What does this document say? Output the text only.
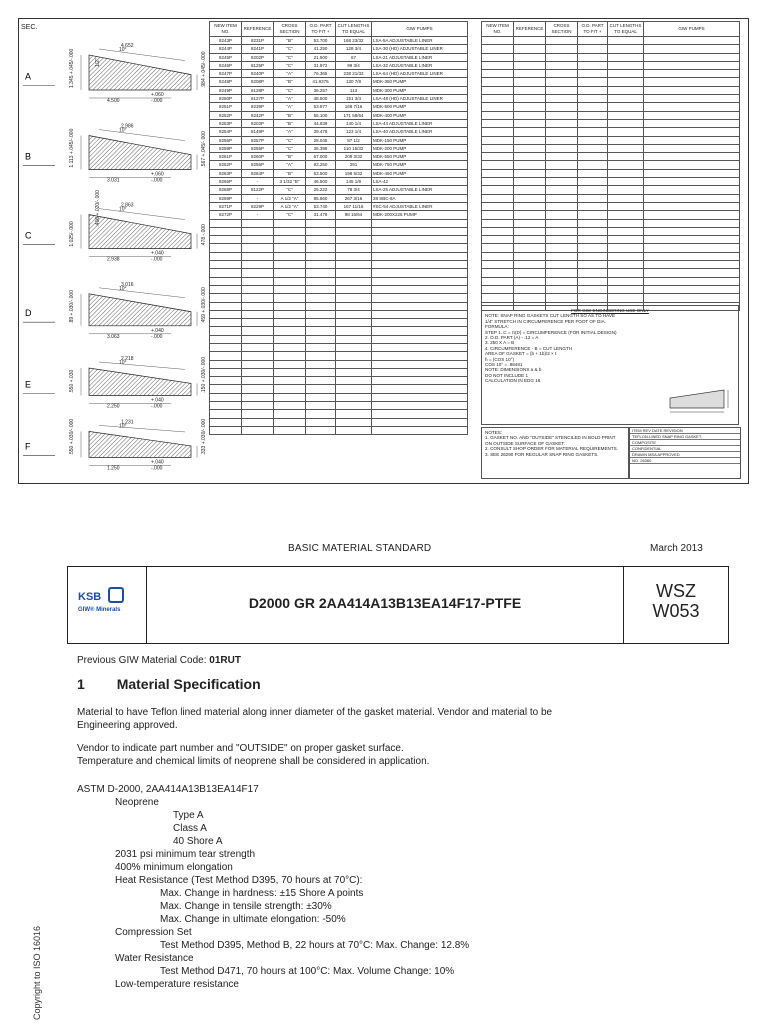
SEC.
A
4.652
4.500
+.060
-.000
10°
1.345 +.045/-.000	.984 +.045/-.000
1/2"
B
2.986
3.031
+.060
-.000
10°
1.113 +.045/-.000	.567 +.045/-.000
C
2.863
2.938
+.040
-.000
10°
1.025/-.000	.478 -.000
.406 +.020/-.000
D
3.016
3.063
+.040
-.000
10°
.89 +.030/-.000	.459 +.030/-.000
E
2.218
2.250
+.040
-.000
10°
.550 +.030	.150 +.030/-.000
F
1.231
1.250
+.040
-.000
10°
.550 +.030/-.000	.333 +.030/-.000
NEW ITEM NO.	REFERENCE	CROSS SECTION	O.D. PART TO FIT +	CUT LENGTHS TO EQUAL	GIW PUMPS
8243P	8231P	"B"	53.700	168 23/32	LSA-5A ADJUSTABLE LINER
8244P	8241P	"C"	41.250	128 3/4	LSA-30 (HD) ADJUSTABLE LINER
8245P	8202P	"C"	21.500	67	LSA-21 ADJUSTABLE LINER
8246P	8125P	"C"	31.972	99 3/4	LSA-32 ADJUSTABLE LINER
8247P	8240P	"A"	76.365	238 21/32	LSA-64 (HD) ADJUSTABLE LINER
8248P	8208P	"B"	41.9375	130 7/8	MDK-350 PUMP
8249P	8128P	"C"	36.257	113	MDK-300 PUMP
8250P	8127P	"A"	48.500	151 3/4	LSA-48 (HD) ADJUSTABLE LINER
8251P	8239P	"A"	53.977	168 7/16	MDK-500 PUMP
8252P	8242P	"B"	55.100	171 59/64	MDK-400 PUMP
8253P	8203P	"B"	44.939	140 1/4	LSA-44 ADJUSTABLE LINER
8254P	8149P	"A"	39.478	123 1/4	LSA-40 ADJUSTABLE LINER
8256P	8257P	"C"	28.045	87 1/2	MDK-150 PUMP
8259P	8255P	"C"	35.398	110 15/32	MDK-200 PUMP
8261P	8260P	"B"	67.000	209 3/32	MDK-550 PUMP
8262P	8256P	"A"	93.250	291	MDK-750 PUMP
8263P	8264P	"B"	63.500	198 5/32	MDK-450 PUMP
8266P	-	3 1/32 "B"	46.500	145 1/8	LSA-42
8268P	8122P	"C"	25.222	78 3/4	LSA-25 ADJUSTABLE LINER
8269P	-	A 1/2 "A"	85.660	267 3/16	28 SBC-8A
8271P	8229P	A 1/2 "A"	53.740	167 11/16	#SC-54 ADJUSTABLE LINER
8272P	-	"C"	31.478	98 15/64	MDK-200X225 PUMP

NEW ITEM NO.	REFERENCE	CROSS SECTION	O.D. PART TO FIT +	CUT LENGTHS TO EQUAL	GIW PUMPS

FOR GIW ENGINEERING USE ONLY
NOTE: SNAP RING GASKETS CUT LENGTH SO AS TO HAVE
1/4" STRETCH IN CIRCUMFERENCE PER FOOT OF DIA.
FORMULA:
STEP 1. C = π(D) = CIRCUMFERENCE (FOR INITIAL DESIGN)
2. O.D. PART (A) - .12 = A
3. 250 X A = B
4. CIRCUMFERENCE - B = CUT LENGTH
AREA OF GASKET = (b + 1b)/2 × t
h = (COS 10°)
COS 10° = .98481
NOTE: DIMENSIONS a & b
DO NOT INCLUDE 1
CALCULATION IN EDG 16
NOTES:
1. GASKET NO. AND "OUTSIDE" STENCILED IN BOLD PRINT
ON OUTSIDE SURFACE OF GASKET.
2. CONSULT SHOP ORDER FOR MATERIAL REQUIREMENTS.
3. SEE 26290 FOR REGULAR SNAP RING GASKETS.
ITEM REV DATE REVISION
TEFLON-LINED SNAP RING GASKET,
COMPOSITE
CONFIDENTIAL
DRAWN MSA APPROVED
NO. 26360
BASIC MATERIAL STANDARD	March 2013
KSB
GIW® Minerals	D2000 GR 2AA414A13B13EA14F17-PTFE
WSZ
W053
Previous GIW Material Code: 01RUT
1 Material Specification
Material to have Teflon lined material along inner diameter of the gasket material. Vendor and material to be
Engineering approved.
Vendor to indicate part number and "OUTSIDE" on proper gasket surface.
Temperature and chemical limits of neoprene shall be considered in application.
ASTM D-2000, 2AA414A13B13EA14F17
Neoprene
Type A
Class A
40 Shore A
2031 psi minimum tear strength
400% minimum elongation
Heat Resistance (Test Method D395, 70 hours at 70°C):
Max. Change in hardness: ±15 Shore A points
Max. Change in tensile strength: ±30%
Max. Change in ultimate elongation: -50%
Compression Set
Test Method D395, Method B, 22 hours at 70°C: Max. Change: 12.8%
Water Resistance
Test Method D471, 70 hours at 100°C: Max. Volume Change: 10%
Low-temperature resistance
Copyright to ISO 16016
